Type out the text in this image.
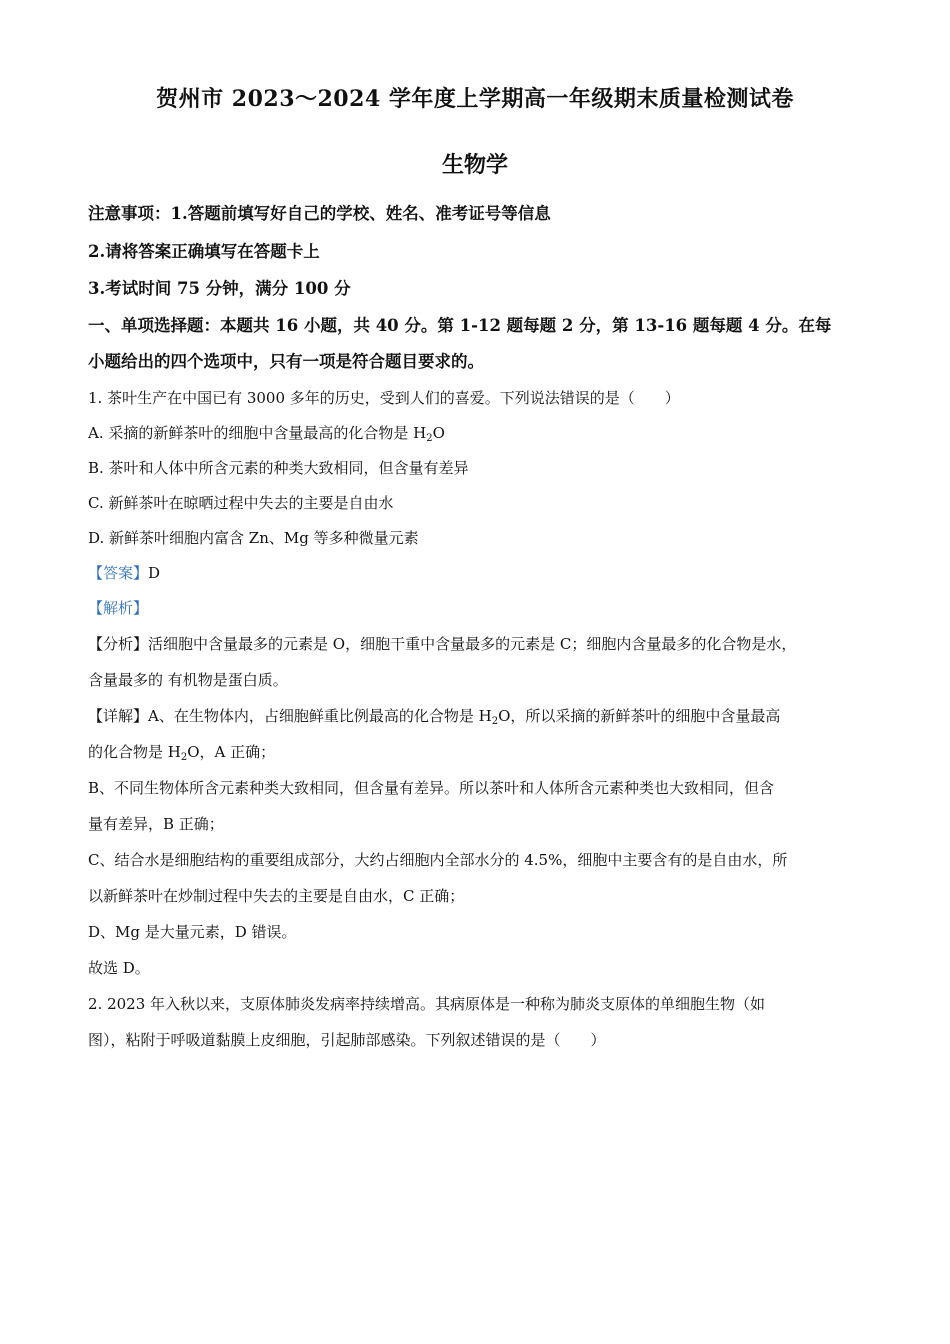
贺州市 2023～2024 学年度上学期高一年级期末质量检测试卷
生物学
注意事项：1.答题前填写好自己的学校、姓名、准考证号等信息
2.请将答案正确填写在答题卡上
3.考试时间 75 分钟，满分 100 分
一、单项选择题：本题共 16 小题，共 40 分。第 1-12 题每题 2 分，第 13-16 题每题 4 分。在每
小题给出的四个选项中，只有一项是符合题目要求的。
1. 茶叶生产在中国已有 3000 多年的历史，受到人们的喜爱。下列说法错误的是（　　）
A. 采摘的新鲜茶叶的细胞中含量最高的化合物是 $H_2O$
B. 茶叶和人体中所含元素的种类大致相同，但含量有差异
C. 新鲜茶叶在晾晒过程中失去的主要是自由水
D. 新鲜茶叶细胞内富含 Zn、Mg 等多种微量元素
【答案】D
【解析】
【分析】活细胞中含量最多的元素是 O，细胞干重中含量最多的元素是 C；细胞内含量最多的化合物是水，
含量最多的 有机物是蛋白质。
【详解】A、在生物体内，占细胞鲜重比例最高的化合物是 $H_2O$，所以采摘的新鲜茶叶的细胞中含量最高
的化合物是 $H_2O$，A 正确；
B、不同生物体所含元素种类大致相同，但含量有差异。所以茶叶和人体所含元素种类也大致相同，但含
量有差异，B 正确；
C、结合水是细胞结构的重要组成部分，大约占细胞内全部水分的 4.5%，细胞中主要含有的是自由水，所
以新鲜茶叶在炒制过程中失去的主要是自由水，C 正确；
D、Mg 是大量元素，D 错误。
故选 D。
2. 2023 年入秋以来，支原体肺炎发病率持续增高。其病原体是一种称为肺炎支原体的单细胞生物（如
图），粘附于呼吸道黏膜上皮细胞，引起肺部感染。下列叙述错误的是（　　）
